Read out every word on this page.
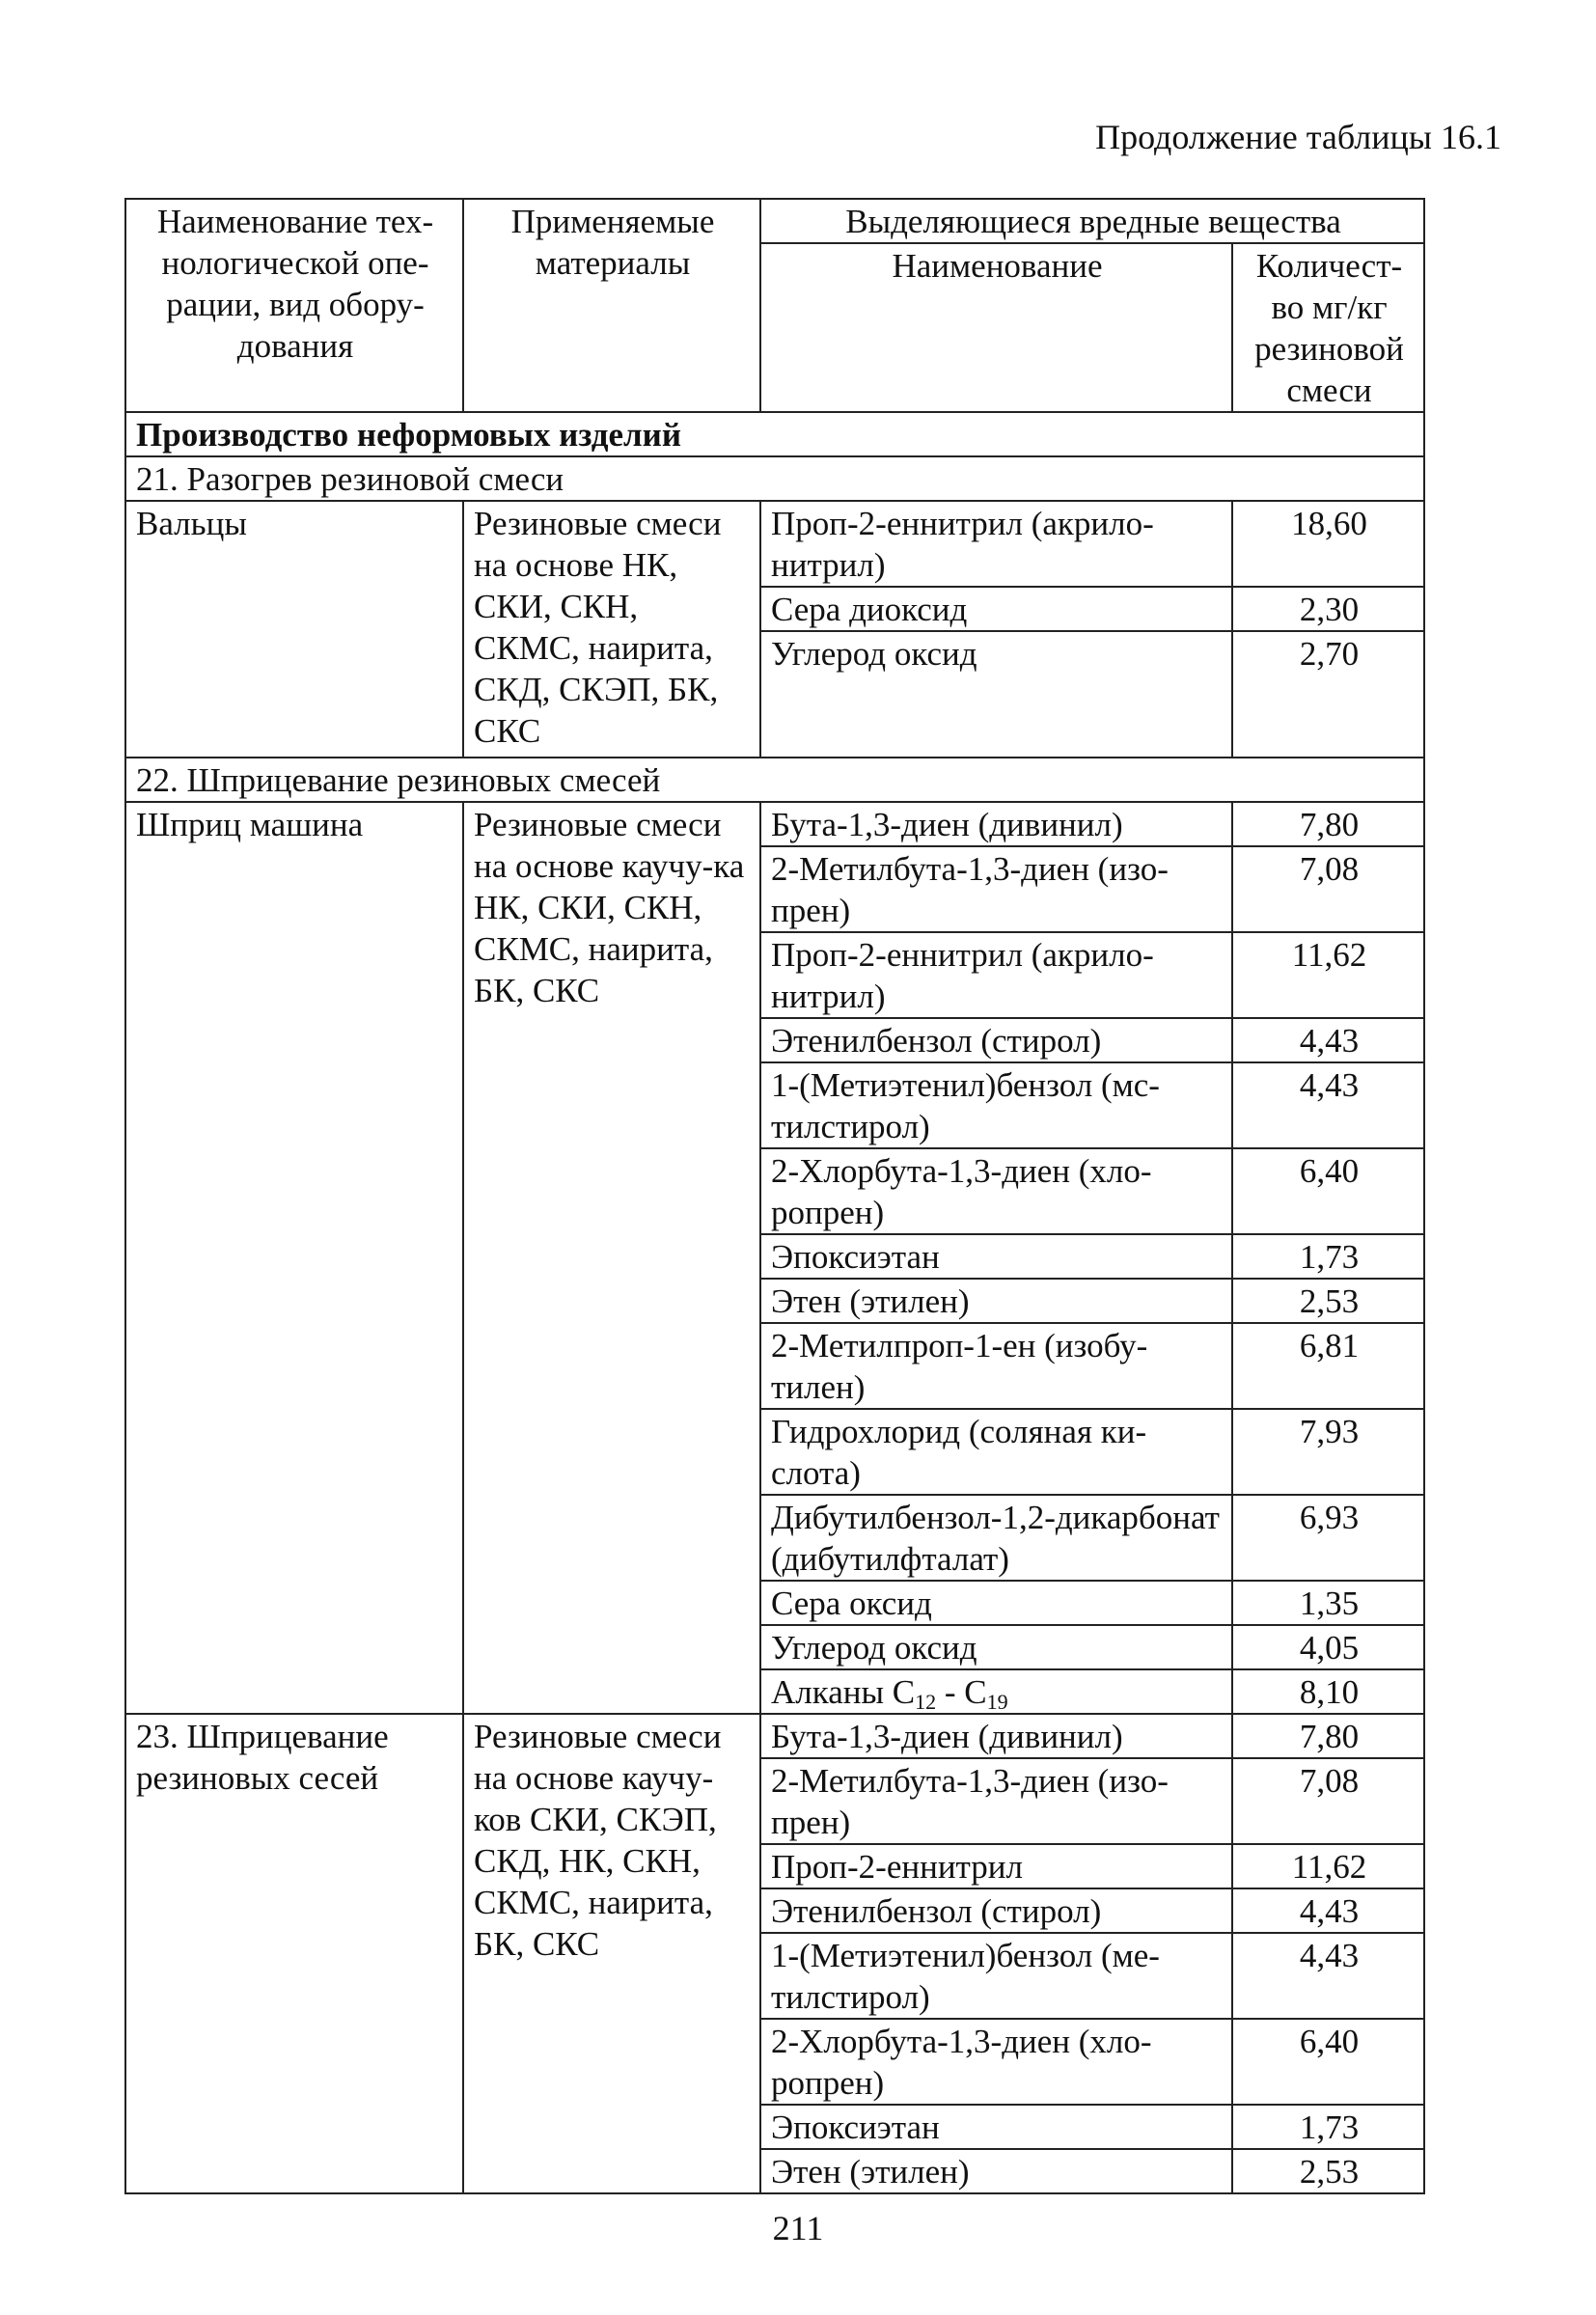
Продолжение таблицы 16.1
Наименование тех-нологической опе-рации, вид обору-дования	Применяемые материалы	Выделяющиеся вредные вещества	
		Наименование	Количест-во мг/кг резиновой смеси
Производство неформовых изделий			
21. Разогрев резиновой смеси			
Вальцы	Резиновые смеси на основе НК, СКИ, СКН, СКМС, наирита, СКД, СКЭП, БК, СКС	Проп-2-еннитрил (акрило-нитрил)	18,60
		Сера диоксид	2,30
		Углерод оксид	2,70
22. Шприцевание резиновых смесей			
Шприц машина	Резиновые смеси на основе каучу-ка НК, СКИ, СКН, СКМС, наирита, БК, СКС	Бута-1,3-диен (дивинил)	7,80
		2-Метилбута-1,3-диен (изо-прен)	7,08
		Проп-2-еннитрил (акрило-нитрил)	11,62
		Этенилбензол (стирол)	4,43
		1-(Метиэтенил)бензол (мс-тилстирол)	4,43
		2-Хлорбута-1,3-диен (хло-ропрен)	6,40
		Эпоксиэтан	1,73
		Этен (этилен)	2,53
		2-Метилпроп-1-ен (изобу-тилен)	6,81
		Гидрохлорид (соляная ки-слота)	7,93
		Дибутилбензол-1,2-дикарбонат (дибутилфталат)	6,93
		Сера оксид	1,35
		Углерод оксид	4,05
		Алканы $С_{12} - С_{19}$	8,10
23. Шприцевание резиновых сесей	Резиновые смеси на основе каучу-ков СКИ, СКЭП, СКД, НК, СКН, СКМС, наирита, БК, СКС	Бута-1,3-диен (дивинил)	7,80
		2-Метилбута-1,3-диен (изо-прен)	7,08
		Проп-2-еннитрил	11,62
		Этенилбензол (стирол)	4,43
		1-(Метиэтенил)бензол (ме-тилстирол)	4,43
		2-Хлорбута-1,3-диен (хло-ропрен)	6,40
		Эпоксиэтан	1,73
		Этен (этилен)	2,53
211
